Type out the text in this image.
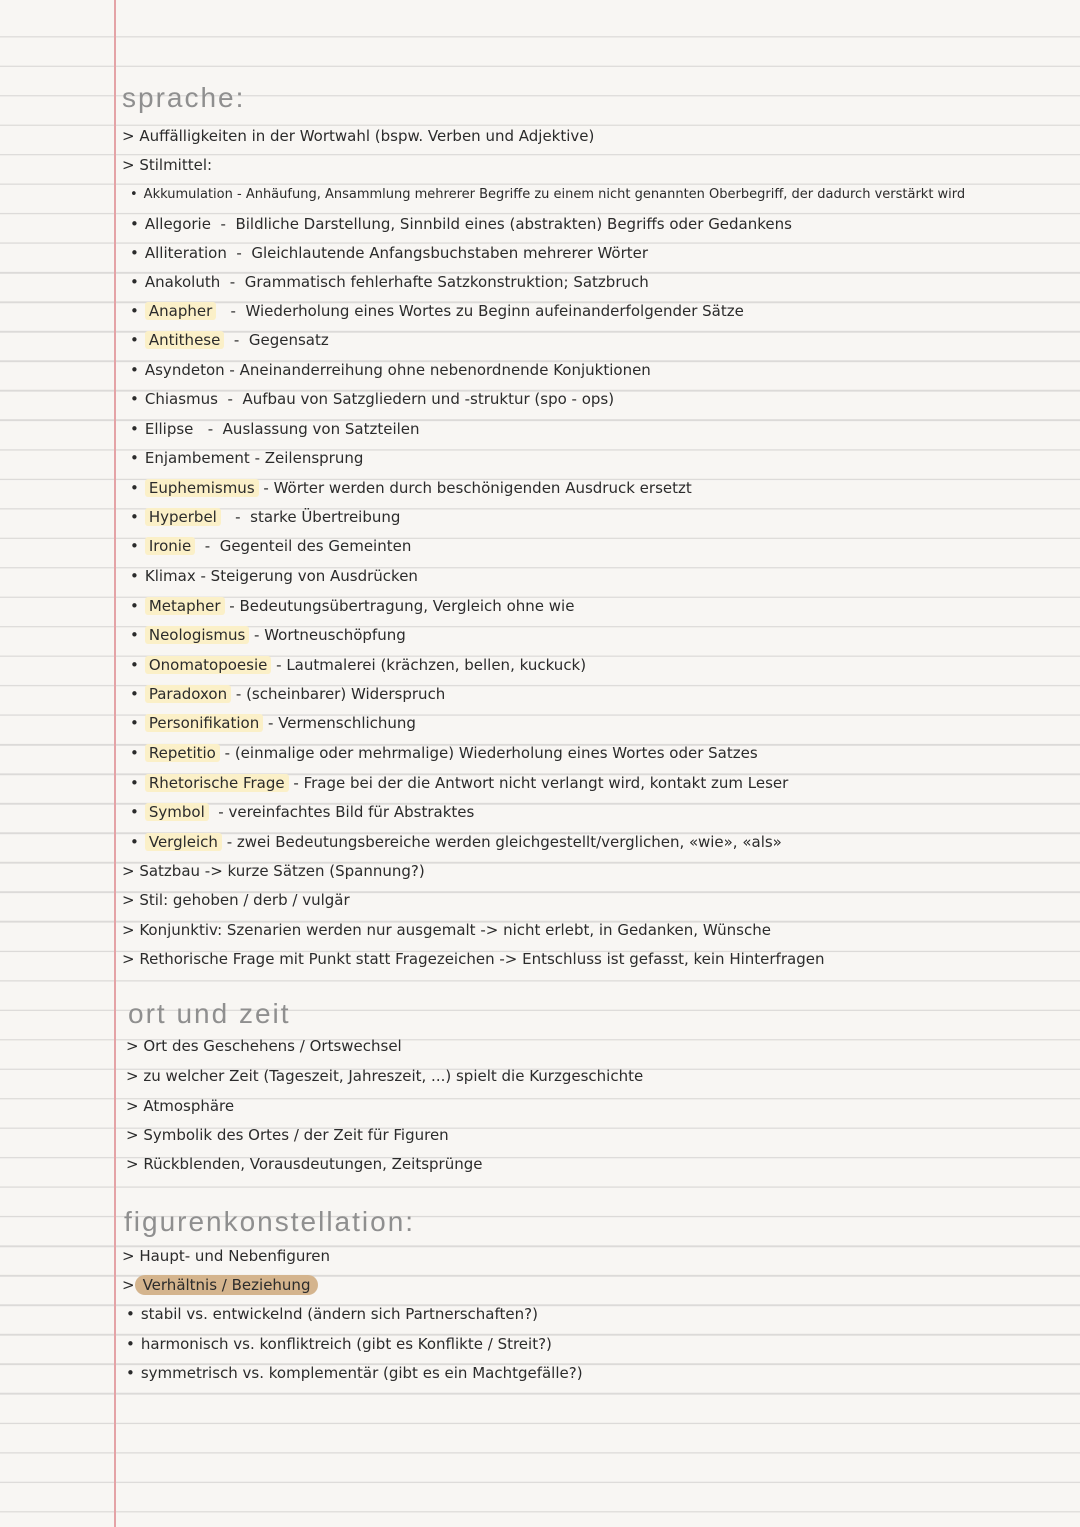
sprache:
> Auffälligkeiten in der Wortwahl (bspw. Verben und Adjektive)
> Stilmittel:
• Akkumulation - Anhäufung, Ansammlung mehrerer Begriffe zu einem nicht genannten Oberbegriff, der dadurch verstärkt wird
• Allegorie  -  Bildliche Darstellung, Sinnbild eines (abstrakten) Begriffs oder Gedankens
• Alliteration  -  Gleichlautende Anfangsbuchstaben mehrerer Wörter
• Anakoluth  -  Grammatisch fehlerhafte Satzkonstruktion; Satzbruch
• Anapher   -  Wiederholung eines Wortes zu Beginn aufeinanderfolgender Sätze
• Antithese  -  Gegensatz
• Asyndeton - Aneinanderreihung ohne nebenordnende Konjuktionen
• Chiasmus  -  Aufbau von Satzgliedern und -struktur (spo - ops)
• Ellipse   -  Auslassung von Satzteilen
• Enjambement - Zeilensprung
• Euphemismus - Wörter werden durch beschönigenden Ausdruck ersetzt
• Hyperbel   -  starke Übertreibung
• Ironie  -  Gegenteil des Gemeinten
• Klimax - Steigerung von Ausdrücken
• Metapher - Bedeutungsübertragung, Vergleich ohne wie
• Neologismus - Wortneuschöpfung
• Onomatopoesie - Lautmalerei (krächzen, bellen, kuckuck)
• Paradoxon - (scheinbarer) Widerspruch
• Personifikation - Vermenschlichung
• Repetitio - (einmalige oder mehrmalige) Wiederholung eines Wortes oder Satzes
• Rhetorische Frage - Frage bei der die Antwort nicht verlangt wird, kontakt zum Leser
• Symbol  - vereinfachtes Bild für Abstraktes
• Vergleich - zwei Bedeutungsbereiche werden gleichgestellt/verglichen, «wie», «als»
> Satzbau -> kurze Sätzen (Spannung?)
> Stil: gehoben / derb / vulgär
> Konjunktiv: Szenarien werden nur ausgemalt -> nicht erlebt, in Gedanken, Wünsche
> Rethorische Frage mit Punkt statt Fragezeichen -> Entschluss ist gefasst, kein Hinterfragen
ort und zeit
> Ort des Geschehens / Ortswechsel
> zu welcher Zeit (Tageszeit, Jahreszeit, ...) spielt die Kurzgeschichte
> Atmosphäre
> Symbolik des Ortes / der Zeit für Figuren
> Rückblenden, Vorausdeutungen, Zeitsprünge
figurenkonstellation:
> Haupt- und Nebenfiguren
> Verhältnis / Beziehung
• stabil vs. entwickelnd (ändern sich Partnerschaften?)
• harmonisch vs. konfliktreich (gibt es Konflikte / Streit?)
• symmetrisch vs. komplementär (gibt es ein Machtgefälle?)
